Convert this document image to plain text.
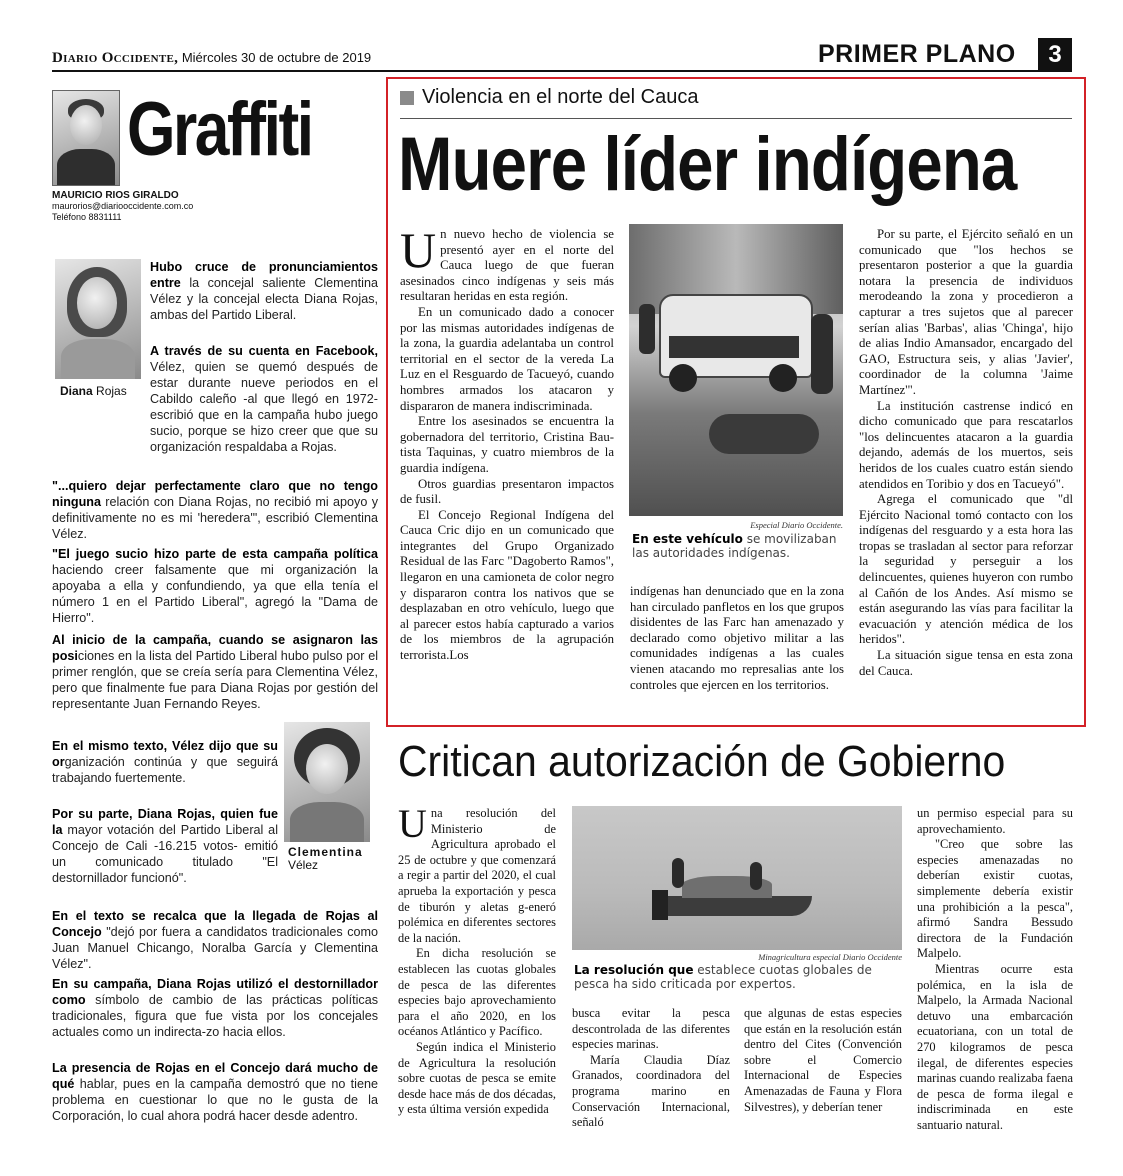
Diario Occidente, Miércoles 30 de octubre de 2019	PRIMER PLANO	3
Graffiti
MAURICIO RIOS GIRALDO
maurorios@diariooccidente.com.co
Teléfono 8831111
Diana Rojas
Hubo cruce de pronunciamientos entre la concejal saliente Clementina Vélez y la concejal electa Diana Rojas, ambas del Partido Liberal.
A través de su cuenta en Facebook, Vélez, quien se quemó después de estar durante nueve periodos en el Cabildo caleño -al que llegó en 1972- escribió que en la campaña hubo juego sucio, porque se hizo creer que que su organización respaldaba a Rojas.
"...quiero dejar perfectamente claro que no tengo ninguna relación con Diana Rojas, no recibió mi apoyo y definitivamente no es mi 'heredera'", escribió Clementina Vélez.
"El juego sucio hizo parte de esta campaña política haciendo creer falsamente que mi organización la apoyaba a ella y confundiendo, ya que ella tenía el número 1 en el Partido Liberal", agregó la "Dama de Hierro".
Al inicio de la campaña, cuando se asignaron las posiciones en la lista del Partido Liberal hubo pulso por el primer renglón, que se creía sería para Clementina Vélez, pero que finalmente fue para Diana Rojas por gestión del representante Juan Fernando Reyes.
Clementina
Vélez
En el mismo texto, Vélez dijo que su organización continúa y que seguirá trabajando fuertemente.
Por su parte, Diana Rojas, quien fue la mayor votación del Partido Liberal al Concejo de Cali -16.215 votos- emitió un comunicado titulado "El destornillador funcionó".
En el texto se recalca que la llegada de Rojas al Concejo "dejó por fuera a candidatos tradicionales como Juan Manuel Chicango, Noralba García y Clementina Vélez".
En su campaña, Diana Rojas utilizó el destornillador como símbolo de cambio de las prácticas políticas tradicionales, figura que fue vista por los concejales actuales como un indirecta-zo hacia ellos.
La presencia de Rojas en el Concejo dará mucho de qué hablar, pues en la campaña demostró que no tiene problema en cuestionar lo que no le gusta de la Corporación, lo cual ahora podrá hacer desde adentro.
Violencia en el norte del Cauca
Muere líder indígena

Un nuevo hecho de violencia se presentó ayer en el norte del Cauca luego de que fueran asesinados cinco indígenas y seis más resultaran heridas en esta región.

En un comunicado dado a conocer por las mismas autoridades indígenas de la zona, la guardia adelantaba un control territorial en el sector de la vereda La Luz en el Resguardo de Tacueyó, cuando hombres armados los atacaron y dispararon de manera indiscriminada.

Entre los asesinados se encuentra la gobernadora del territorio, Cristina Bau-tista Taquinas, y cuatro miembros de la guardia indígena.

Otros guardias presentaron impactos de fusil.

El Concejo Regional Indígena del Cauca Cric dijo en un comunicado que integrantes del Grupo Organizado Residual de las Farc "Dagoberto Ramos", llegaron en una camioneta de color negro y dispararon contra los nativos que se desplazaban en otro vehículo, luego que al parecer estos había capturado a varios de los miembros de la agrupación terrorista.Los

Especial Diario Occidente.
En este vehículo se movilizaban las autoridades indígenas.

indígenas han denunciado que en la zona han circulado panfletos en los que grupos disidentes de las Farc han amenazado y declarado como objetivo militar a las comunidades indígenas a las cuales vienen atacando mo represalias ante los controles que ejercen en los territorios.

Por su parte, el Ejército señaló en un comunicado que "los hechos se presentaron posterior a que la guardia notara la presencia de individuos merodeando la zona y procedieron a capturar a tres sujetos que al parecer serían alias 'Barbas', alias 'Chinga', hijo de alias Indio Amansador, encargado del GAO, Estructura seis, y alias 'Javier', coordinador de la columna 'Jaime Martínez'".

La institución castrense indicó en dicho comunicado que para rescatarlos "los delincuentes atacaron a la guardia dejando, además de los muertos, seis heridos de los cuales cuatro están siendo atendidos en Toribio y dos en Tacueyó".

Agrega el comunicado que "dl Ejército Nacional tomó contacto con los indígenas del resguardo y a esta hora las tropas se trasladan al sector para reforzar la seguridad y perseguir a los delincuentes, quienes huyeron con rumbo al Cañón de los Andes. Así mismo se están asegurando las vías para facilitar la evacuación y atención médica de los heridos".

La situación sigue tensa en esta zona del Cauca.

Critican autorización de Gobierno

Una resolución del Ministerio de Agricultura aprobado el 25 de octubre y que comenzará a regir a partir del 2020, el cual aprueba la exportación y pesca de tiburón y aletas g-eneró polémica en diferentes sectores de la nación.

En dicha resolución se establecen las cuotas globales de pesca de las diferentes especies bajo aprovechamiento para el año 2020, en los océanos Atlántico y Pacífico.

Según indica el Ministerio de Agricultura la resolución sobre cuotas de pesca se emite desde hace más de dos décadas, y esta última versión expedida

Minagricultura especial Diario Occidente
La resolución que establece cuotas globales de pesca ha sido criticada por expertos.

busca evitar la pesca descontrolada de las diferentes especies marinas.

María Claudia Díaz Granados, coordinadora del programa marino en Conservación Internacional, señaló

que algunas de estas especies que están en la resolución están dentro del Cites (Convención sobre el Comercio Internacional de Especies Amenazadas de Fauna y Flora Silvestres), y deberían tener

un permiso especial para su aprovechamiento.

"Creo que sobre las especies amenazadas no deberían existir cuotas, simplemente debería existir una prohibición a la pesca", afirmó Sandra Bessudo directora de la Fundación Malpelo.

Mientras ocurre esta polémica, en la isla de Malpelo, la Armada Nacional detuvo una embarcación ecuatoriana, con un total de 270 kilogramos de pesca ilegal, de diferentes especies marinas cuando realizaba faena de pesca de forma ilegal e indiscriminada en este santuario natural.
